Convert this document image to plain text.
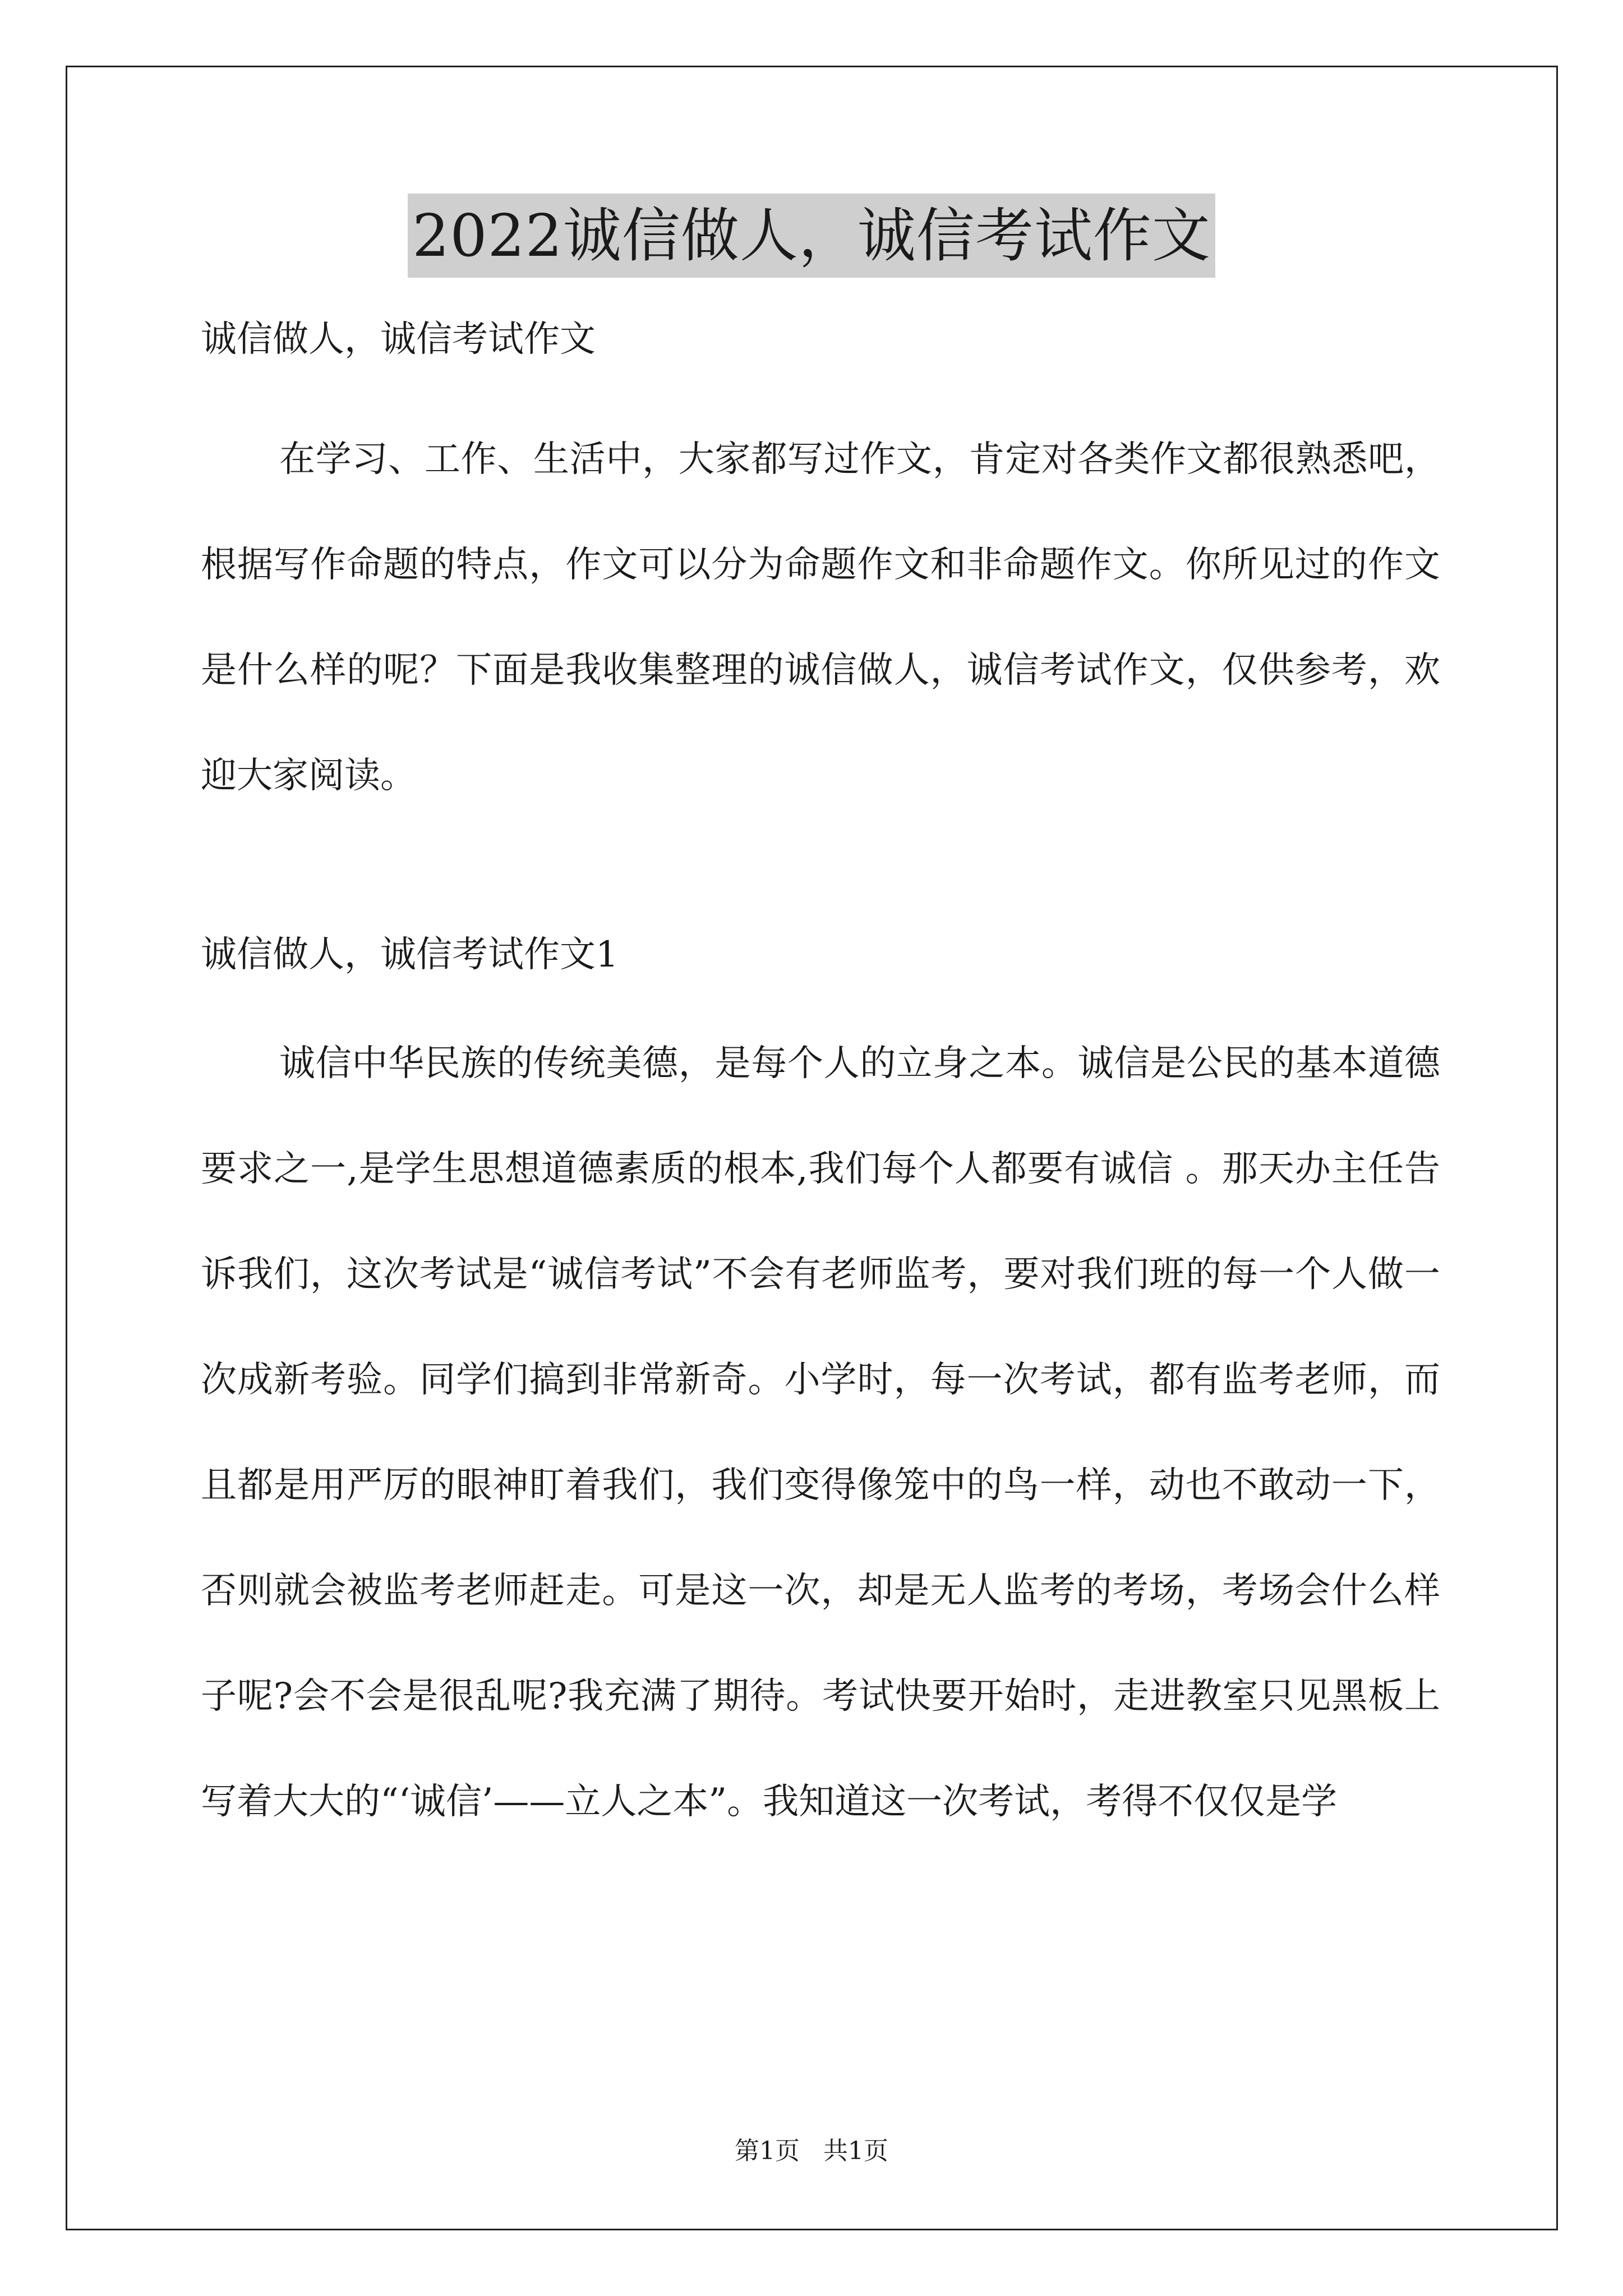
2022诚信做人，诚信考试作文

诚信做人，诚信考试作文

在学习、工作、生活中，大家都写过作文，肯定对各类作文都很熟悉吧，根据写作命题的特点，作文可以分为命题作文和非命题作文。你所见过的作文是什么样的呢？下面是我收集整理的诚信做人，诚信考试作文，仅供参考，欢迎大家阅读。

诚信做人，诚信考试作文1

诚信中华民族的传统美德，是每个人的立身之本。诚信是公民的基本道德要求之一,是学生思想道德素质的根本,我们每个人都要有诚信 。那天办主任告诉我们，这次考试是“诚信考试”不会有老师监考，要对我们班的每一个人做一次成新考验。同学们搞到非常新奇。小学时，每一次考试，都有监考老师，而且都是用严厉的眼神盯着我们，我们变得像笼中的鸟一样，动也不敢动一下，否则就会被监考老师赶走。可是这一次，却是无人监考的考场，考场会什么样子呢?会不会是很乱呢?我充满了期待。考试快要开始时，走进教室只见黑板上写着大大的“‘诚信’——立人之本”。我知道这一次考试，考得不仅仅是学

第1页   共1页
